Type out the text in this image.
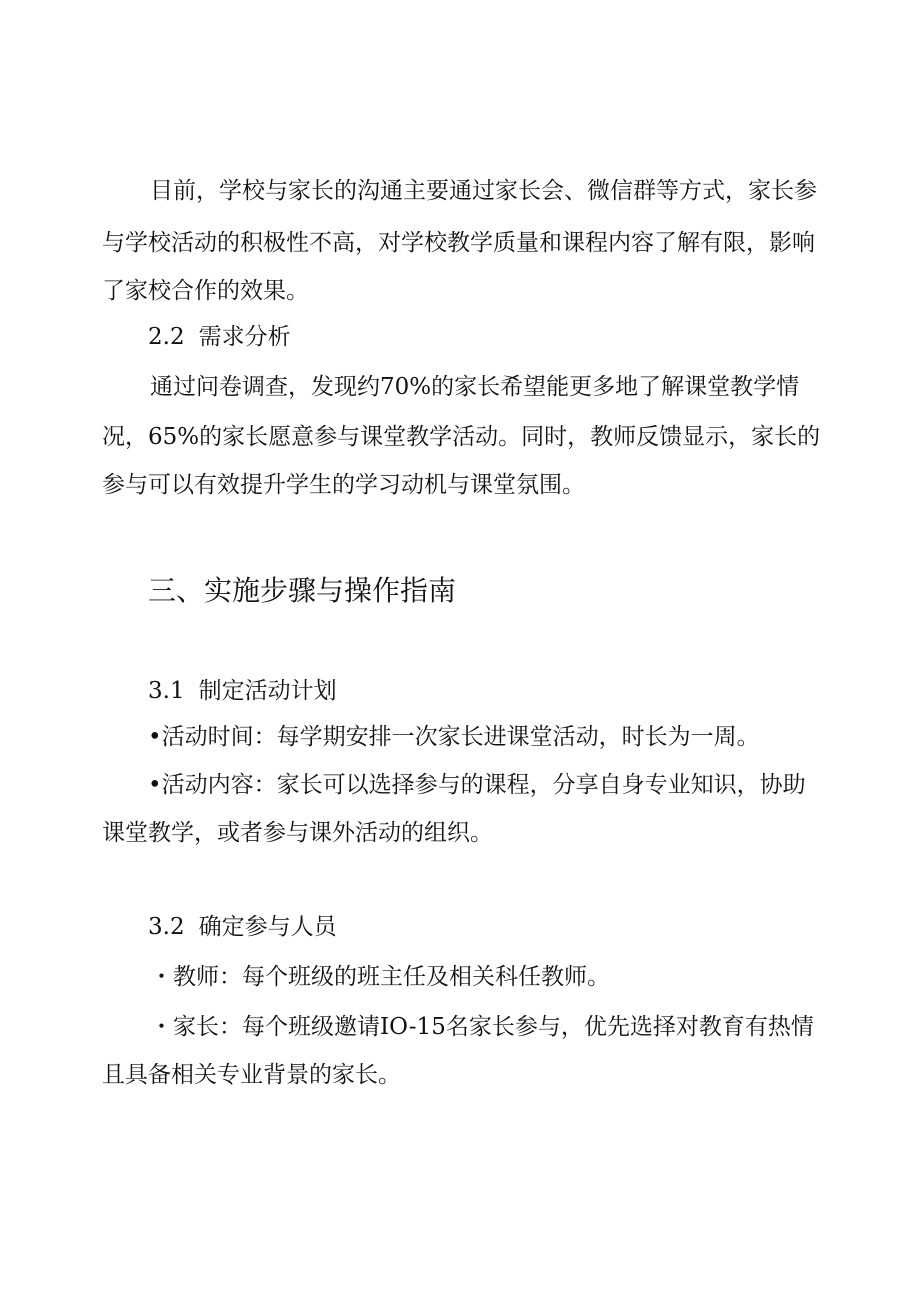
目前，学校与家长的沟通主要通过家长会、微信群等方式，家长参
与学校活动的积极性不高，对学校教学质量和课程内容了解有限，影响
了家校合作的效果。
2.2 需求分析
通过问卷调查，发现约70%的家长希望能更多地了解课堂教学情
况，65%的家长愿意参与课堂教学活动。同时，教师反馈显示，家长的
参与可以有效提升学生的学习动机与课堂氛围。
三、实施步骤与操作指南
3.1 制定活动计划
•活动时间：每学期安排一次家长进课堂活动，时长为一周。
•活动内容：家长可以选择参与的课程，分享自身专业知识，协助
课堂教学，或者参与课外活动的组织。
3.2 确定参与人员
・教师：每个班级的班主任及相关科任教师。
・家长：每个班级邀请IO-15名家长参与，优先选择对教育有热情
且具备相关专业背景的家长。
